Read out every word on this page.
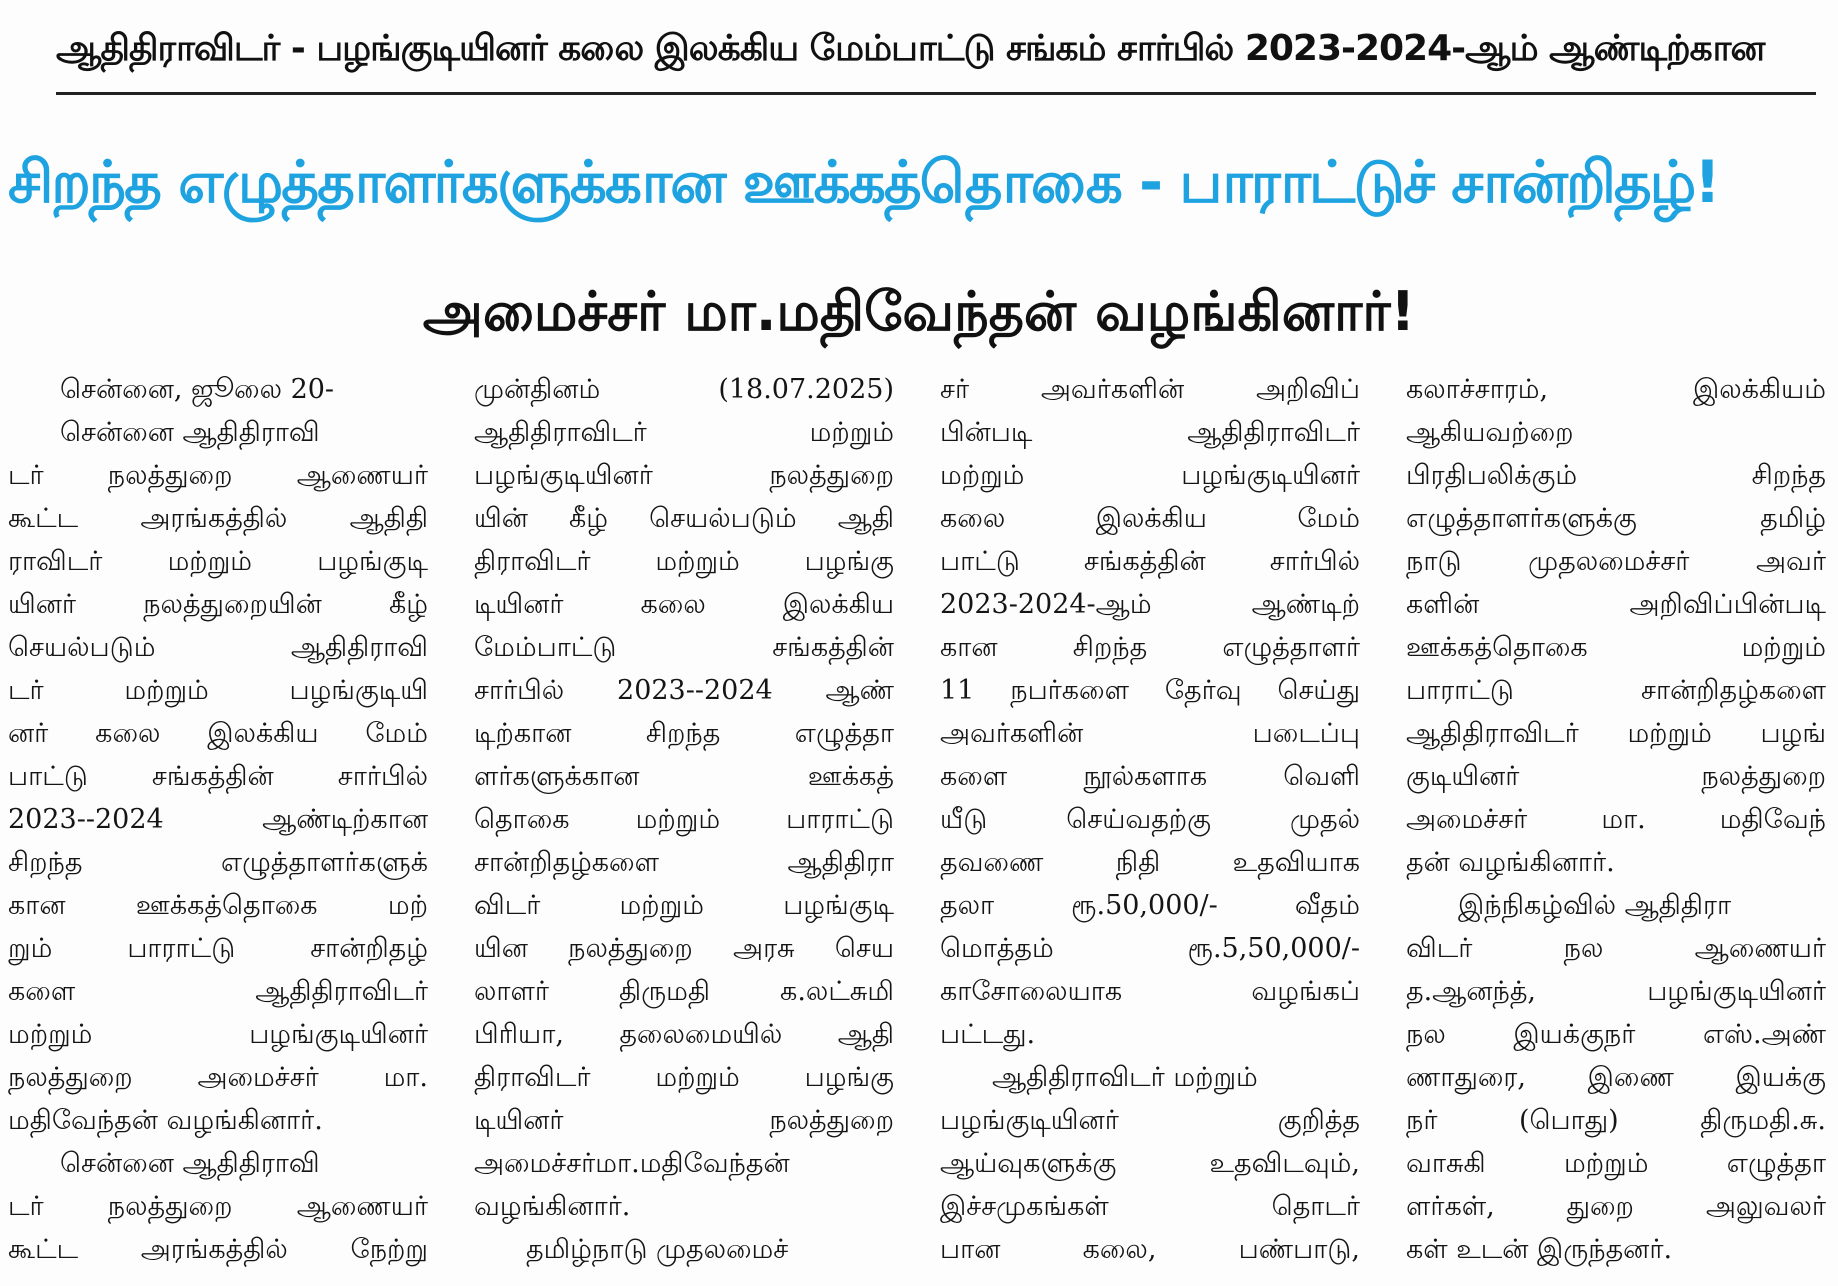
ஆதிதிராவிடர் - பழங்குடியினர் கலை இலக்கிய மேம்பாட்டு சங்கம் சார்பில் 2023-2024-ஆம் ஆண்டிற்கான
சிறந்த எழுத்தாளர்களுக்கான ஊக்கத்தொகை - பாராட்டுச் சான்றிதழ்!
அமைச்சர் மா.மதிவேந்தன் வழங்கினார்!
சென்னை, ஜூலை 20-
சென்னை ஆதிதிராவி
டர் நலத்துறை ஆணையர்
கூட்ட அரங்கத்தில் ஆதிதி
ராவிடர் மற்றும் பழங்குடி
யினர் நலத்துறையின் கீழ்
செயல்படும் ஆதிதிராவி
டர் மற்றும் பழங்குடியி
னர் கலை இலக்கிய மேம்
பாட்டு சங்கத்தின் சார்பில்
2023--2024 ஆண்டிற்கான
சிறந்த எழுத்தாளர்களுக்
கான ஊக்கத்தொகை மற்
றும் பாராட்டு சான்றிதழ்
களை ஆதிதிராவிடர்
மற்றும் பழங்குடியினர்
நலத்துறை அமைச்சர் மா.
மதிவேந்தன் வழங்கினார்.
சென்னை ஆதிதிராவி
டர் நலத்துறை ஆணையர்
கூட்ட அரங்கத்தில் நேற்று
முன்தினம் (18.07.2025)
ஆதிதிராவிடர் மற்றும்
பழங்குடியினர் நலத்துறை
யின் கீழ் செயல்படும் ஆதி
திராவிடர் மற்றும் பழங்கு
டியினர் கலை இலக்கிய
மேம்பாட்டு சங்கத்தின்
சார்பில் 2023--2024 ஆண்
டிற்கான சிறந்த எழுத்தா
ளர்களுக்கான ஊக்கத்
தொகை மற்றும் பாராட்டு
சான்றிதழ்களை ஆதிதிரா
விடர் மற்றும் பழங்குடி
யின நலத்துறை அரசு செய
லாளர் திருமதி க.லட்சுமி
பிரியா, தலைமையில் ஆதி
திராவிடர் மற்றும் பழங்கு
டியினர் நலத்துறை
அமைச்சர்மா.மதிவேந்தன்
வழங்கினார்.
தமிழ்நாடு முதலமைச்
சர் அவர்களின் அறிவிப்
பின்படி ஆதிதிராவிடர்
மற்றும் பழங்குடியினர்
கலை இலக்கிய மேம்
பாட்டு சங்கத்தின் சார்பில்
2023-2024-ஆம் ஆண்டிற்
கான சிறந்த எழுத்தாளர்
11 நபர்களை தேர்வு செய்து
அவர்களின் படைப்பு
களை நூல்களாக வெளி
யீடு செய்வதற்கு முதல்
தவணை நிதி உதவியாக
தலா ரூ.50,000/- வீதம்
மொத்தம் ரூ.5,50,000/-
காசோலையாக வழங்கப்
பட்டது.
ஆதிதிராவிடர் மற்றும்
பழங்குடியினர் குறித்த
ஆய்வுகளுக்கு உதவிடவும்,
இச்சமுகங்கள் தொடர்
பான கலை, பண்பாடு,
கலாச்சாரம், இலக்கியம்
ஆகியவற்றை
பிரதிபலிக்கும் சிறந்த
எழுத்தாளர்களுக்கு தமிழ்
நாடு முதலமைச்சர் அவர்
களின் அறிவிப்பின்படி
ஊக்கத்தொகை மற்றும்
பாராட்டு சான்றிதழ்களை
ஆதிதிராவிடர் மற்றும் பழங்
குடியினர் நலத்துறை
அமைச்சர் மா. மதிவேந்
தன் வழங்கினார்.
இந்நிகழ்வில் ஆதிதிரா
விடர் நல ஆணையர்
த.ஆனந்த், பழங்குடியினர்
நல இயக்குநர் எஸ்.அண்
ணாதுரை, இணை இயக்கு
நர் (பொது) திருமதி.சு.
வாசுகி மற்றும் எழுத்தா
ளர்கள், துறை அலுவலர்
கள் உடன் இருந்தனர்.
